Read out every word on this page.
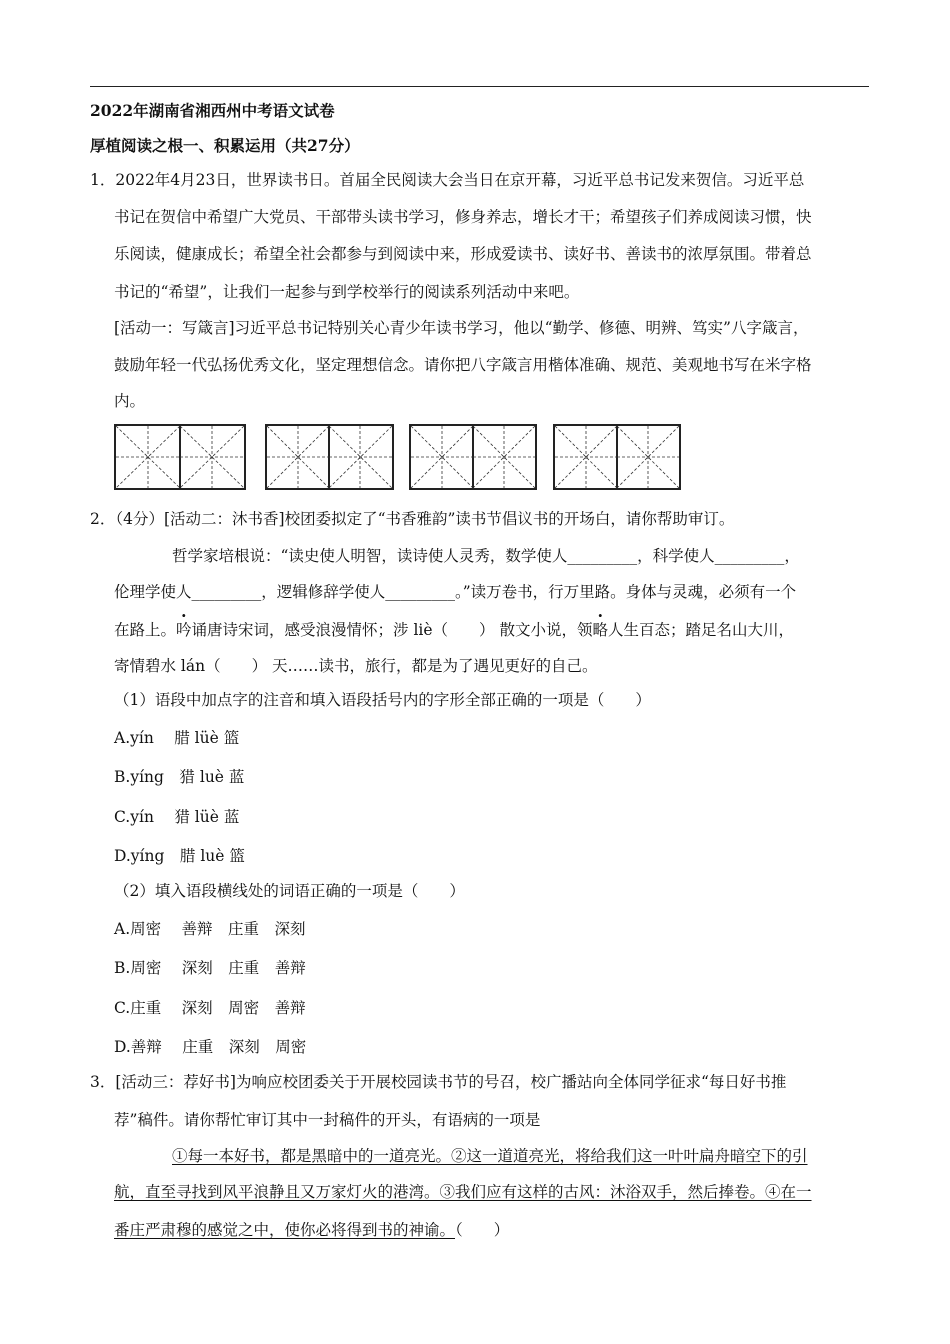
2022年湖南省湘西州中考语文试卷
厚植阅读之根一、积累运用（共27分）
1．2022年4月23日，世界读书日。首届全民阅读大会当日在京开幕，习近平总书记发来贺信。习近平总
书记在贺信中希望广大党员、干部带头读书学习，修身养志，增长才干；希望孩子们养成阅读习惯，快
乐阅读，健康成长；希望全社会都参与到阅读中来，形成爱读书、读好书、善读书的浓厚氛围。带着总
书记的“希望”，让我们一起参与到学校举行的阅读系列活动中来吧。
[活动一：写箴言]习近平总书记特别关心青少年读书学习，他以“勤学、修德、明辨、笃实”八字箴言，
鼓励年轻一代弘扬优秀文化，坚定理想信念。请你把八字箴言用楷体准确、规范、美观地书写在米字格
内。
2．（4分）[活动二：沐书香]校团委拟定了“书香雅韵”读书节倡议书的开场白，请你帮助审订。
哲学家培根说：“读史使人明智，读诗使人灵秀，数学使人_________，科学使人_________，
伦理学使人_________，逻辑修辞学使人_________。”读万卷书，行万里路。身体与灵魂，必须有一个
在路上。吟诵唐诗宋词，感受浪漫情怀；涉 liè（　　） 散文小说，领略人生百态；踏足名山大川，
寄情碧水 lán（　　） 天……读书，旅行，都是为了遇见更好的自己。
（1）语段中加点字的注音和填入语段括号内的字形全部正确的一项是（　　）
A.yín　 腊 lüè 篮
B.yíng　猎 luè 蓝
C.yín　 猎 lüè 蓝
D.yíng　腊 luè 篮
（2）填入语段横线处的词语正确的一项是（　　）
A.周密　 善辩　庄重　深刻
B.周密　 深刻　庄重　善辩
C.庄重　 深刻　周密　善辩
D.善辩　 庄重　深刻　周密
3．[活动三：荐好书]为响应校团委关于开展校园读书节的号召，校广播站向全体同学征求“每日好书推
荐”稿件。请你帮忙审订其中一封稿件的开头，有语病的一项是
①每一本好书，都是黑暗中的一道亮光。②这一道道亮光，将给我们这一叶叶扁舟暗空下的引
航，直至寻找到风平浪静且又万家灯火的港湾。③我们应有这样的古风：沐浴双手，然后捧卷。④在一
番庄严肃穆的感觉之中，使你必将得到书的神谕。（　　）
